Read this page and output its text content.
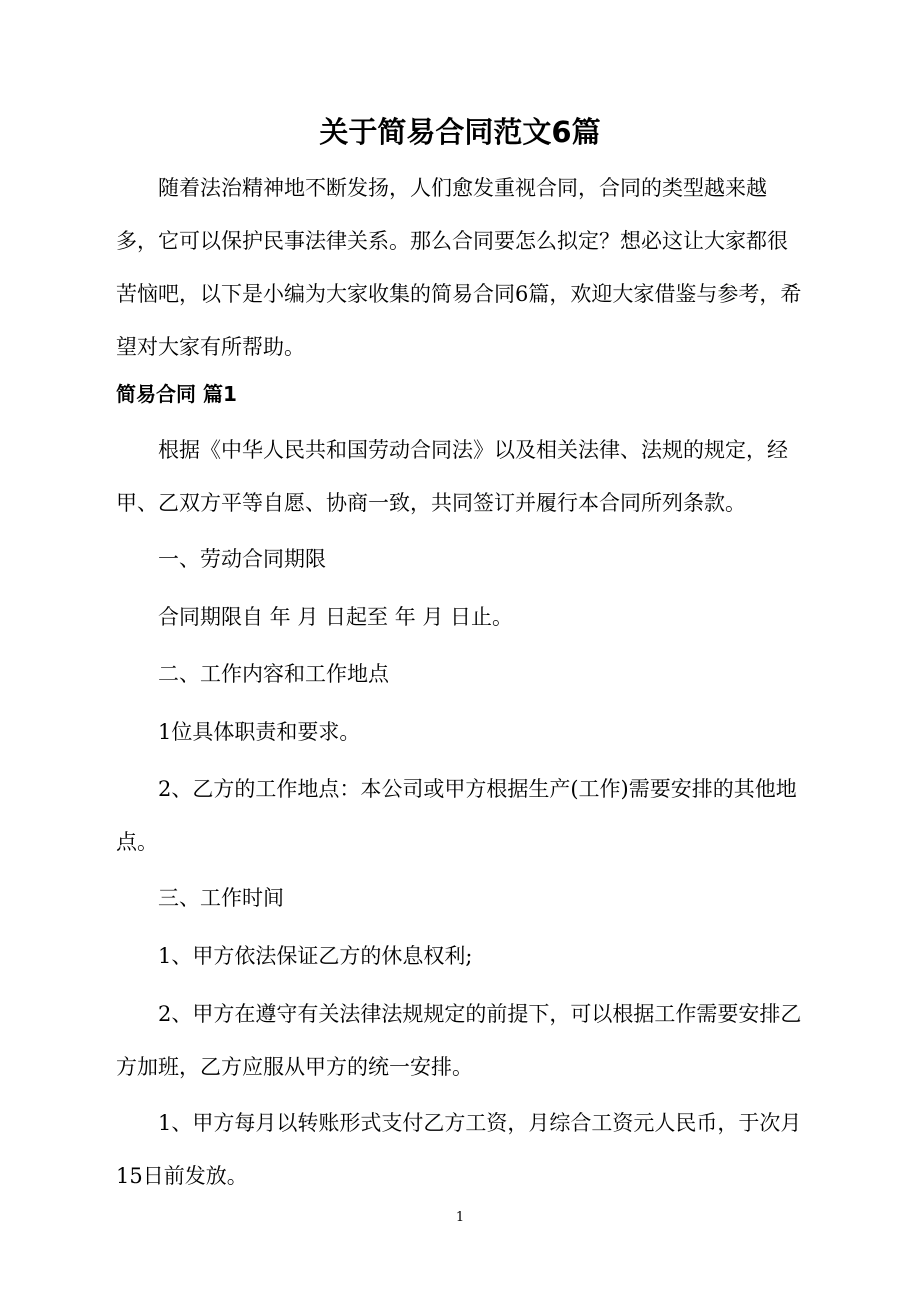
关于简易合同范文6篇

随着法治精神地不断发扬，人们愈发重视合同，合同的类型越来越多，它可以保护民事法律关系。那么合同要怎么拟定？想必这让大家都很苦恼吧，以下是小编为大家收集的简易合同6篇，欢迎大家借鉴与参考，希望对大家有所帮助。

简易合同 篇1

根据《中华人民共和国劳动合同法》以及相关法律、法规的规定，经甲、乙双方平等自愿、协商一致，共同签订并履行本合同所列条款。

一、劳动合同期限

合同期限自 年 月 日起至 年 月 日止。

二、工作内容和工作地点

1位具体职责和要求。

2、乙方的工作地点：本公司或甲方根据生产(工作)需要安排的其他地点。

三、工作时间

1、甲方依法保证乙方的休息权利;

2、甲方在遵守有关法律法规规定的前提下，可以根据工作需要安排乙方加班，乙方应服从甲方的统一安排。

1、甲方每月以转账形式支付乙方工资，月综合工资元人民币，于次月15日前发放。

1
